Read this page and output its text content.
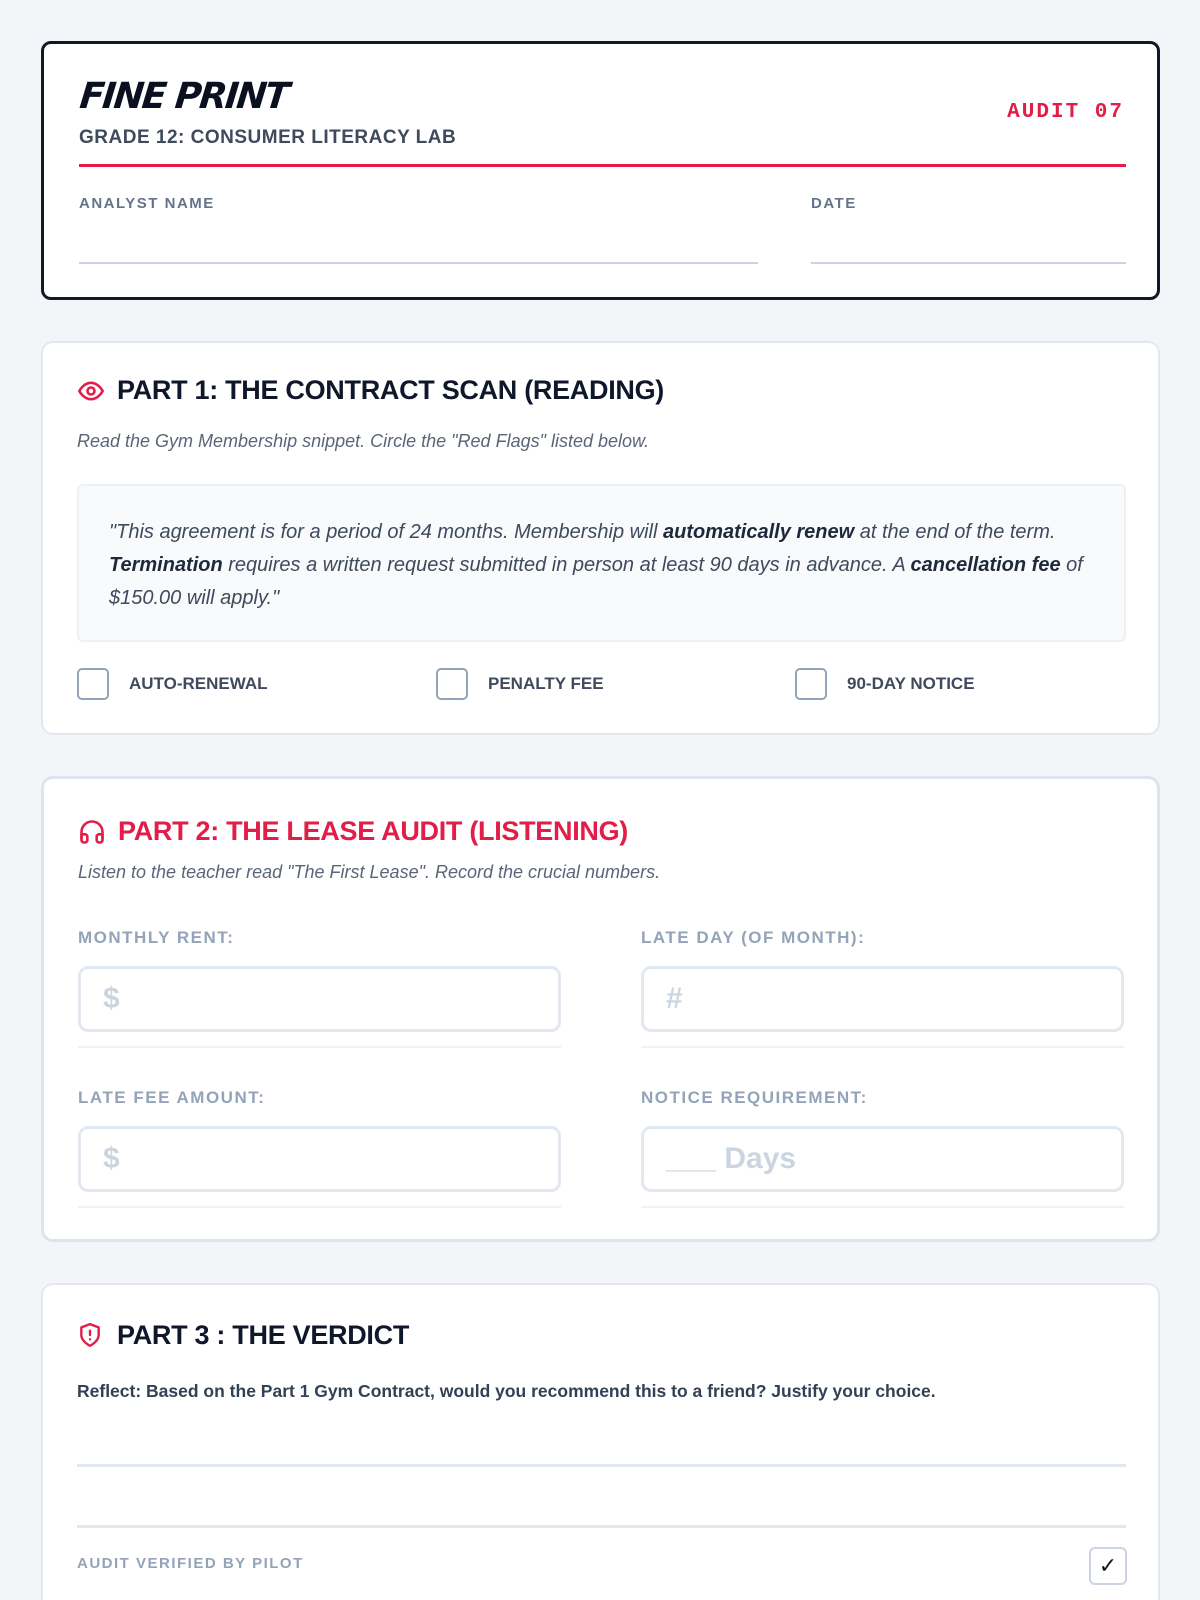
FINE PRINT
GRADE 12: CONSUMER LITERACY LAB
AUDIT 07
ANALYST NAME	DATE
PART 1: THE CONTRACT SCAN (READING)
Read the Gym Membership snippet. Circle the "Red Flags" listed below.
"This agreement is for a period of 24 months. Membership will automatically renew at the end of the term. Termination requires a written request submitted in person at least 90 days in advance. A cancellation fee of $150.00 will apply."
AUTO-RENEWAL	PENALTY FEE	90-DAY NOTICE
PART 2: THE LEASE AUDIT (LISTENING)
Listen to the teacher read "The First Lease". Record the crucial numbers.
MONTHLY RENT:
$
LATE DAY (OF MONTH):
#
LATE FEE AMOUNT:
$
NOTICE REQUIREMENT:
___ Days
PART 3 : THE VERDICT
Reflect: Based on the Part 1 Gym Contract, would you recommend this to a friend? Justify your choice.
AUDIT VERIFIED BY PILOT	✓
